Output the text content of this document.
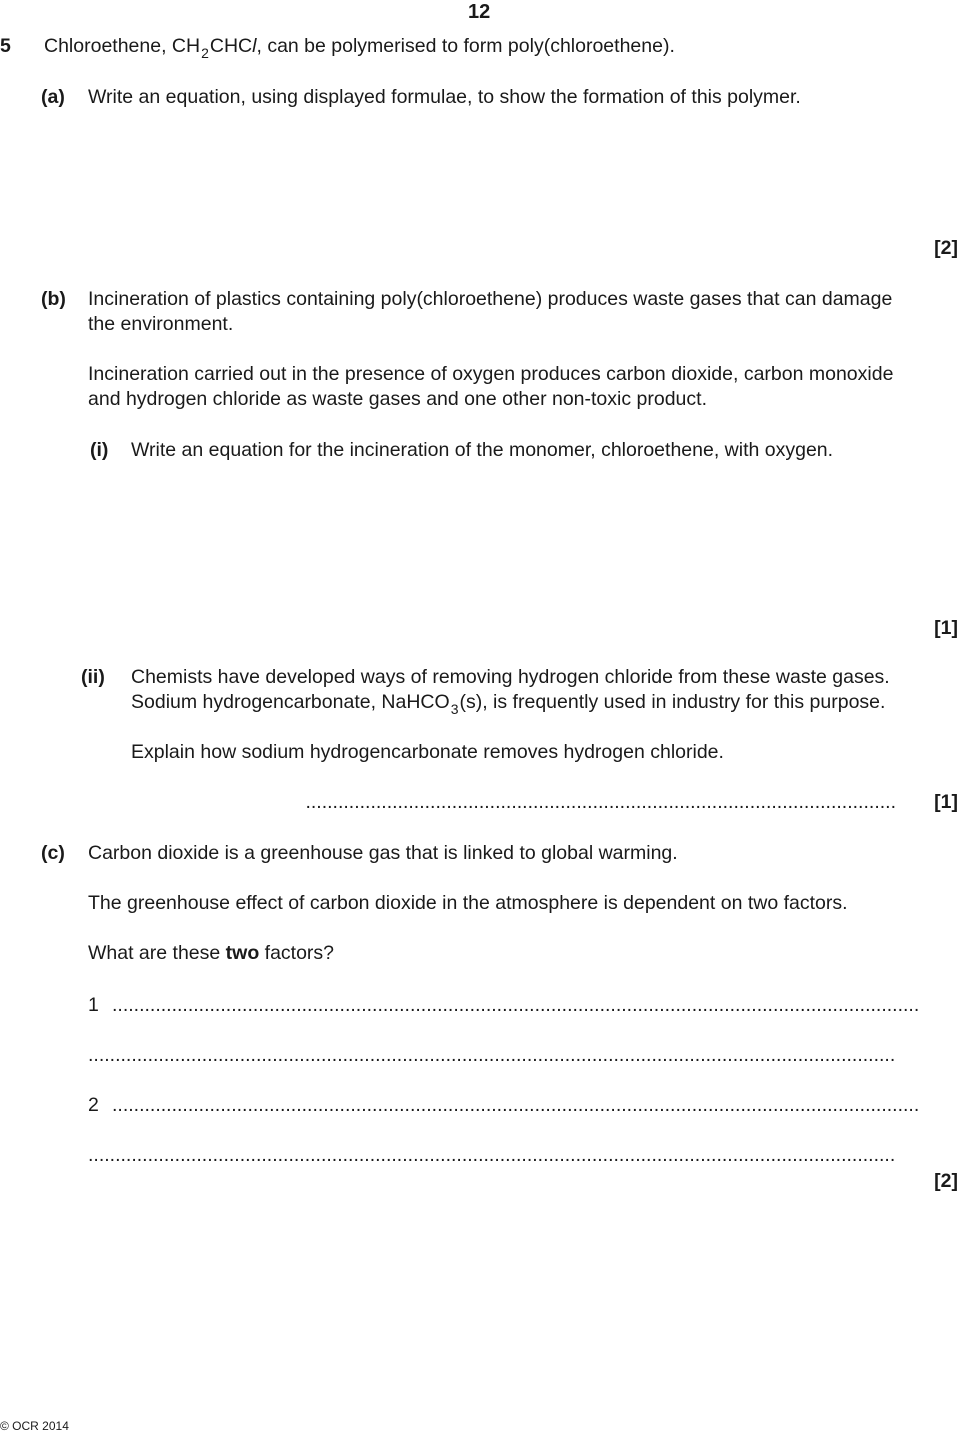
12
5 Chloroethene, $CH_2CHCl$, can be polymerised to form poly(chloroethene).
(a) Write an equation, using displayed formulae, to show the formation of this polymer.
[2]
(b) Incineration of plastics containing poly(chloroethene) produces waste gases that can damage
the environment.
Incineration carried out in the presence of oxygen produces carbon dioxide, carbon monoxide
and hydrogen chloride as waste gases and one other non-toxic product.
(i) Write an equation for the incineration of the monomer, chloroethene, with oxygen.
[1]
(ii) Chemists have developed ways of removing hydrogen chloride from these waste gases.
Sodium hydrogencarbonate, NaHCO$_3$(s), is frequently used in industry for this purpose.
Explain how sodium hydrogencarbonate removes hydrogen chloride.
............................................................................................................. [1]
(c) Carbon dioxide is a greenhouse gas that is linked to global warming.
The greenhouse effect of carbon dioxide in the atmosphere is dependent on two factors.
What are these two factors?
1 .....................................................................................................................................................
.....................................................................................................................................................
2 .....................................................................................................................................................
.....................................................................................................................................................
[2]
© OCR 2014
